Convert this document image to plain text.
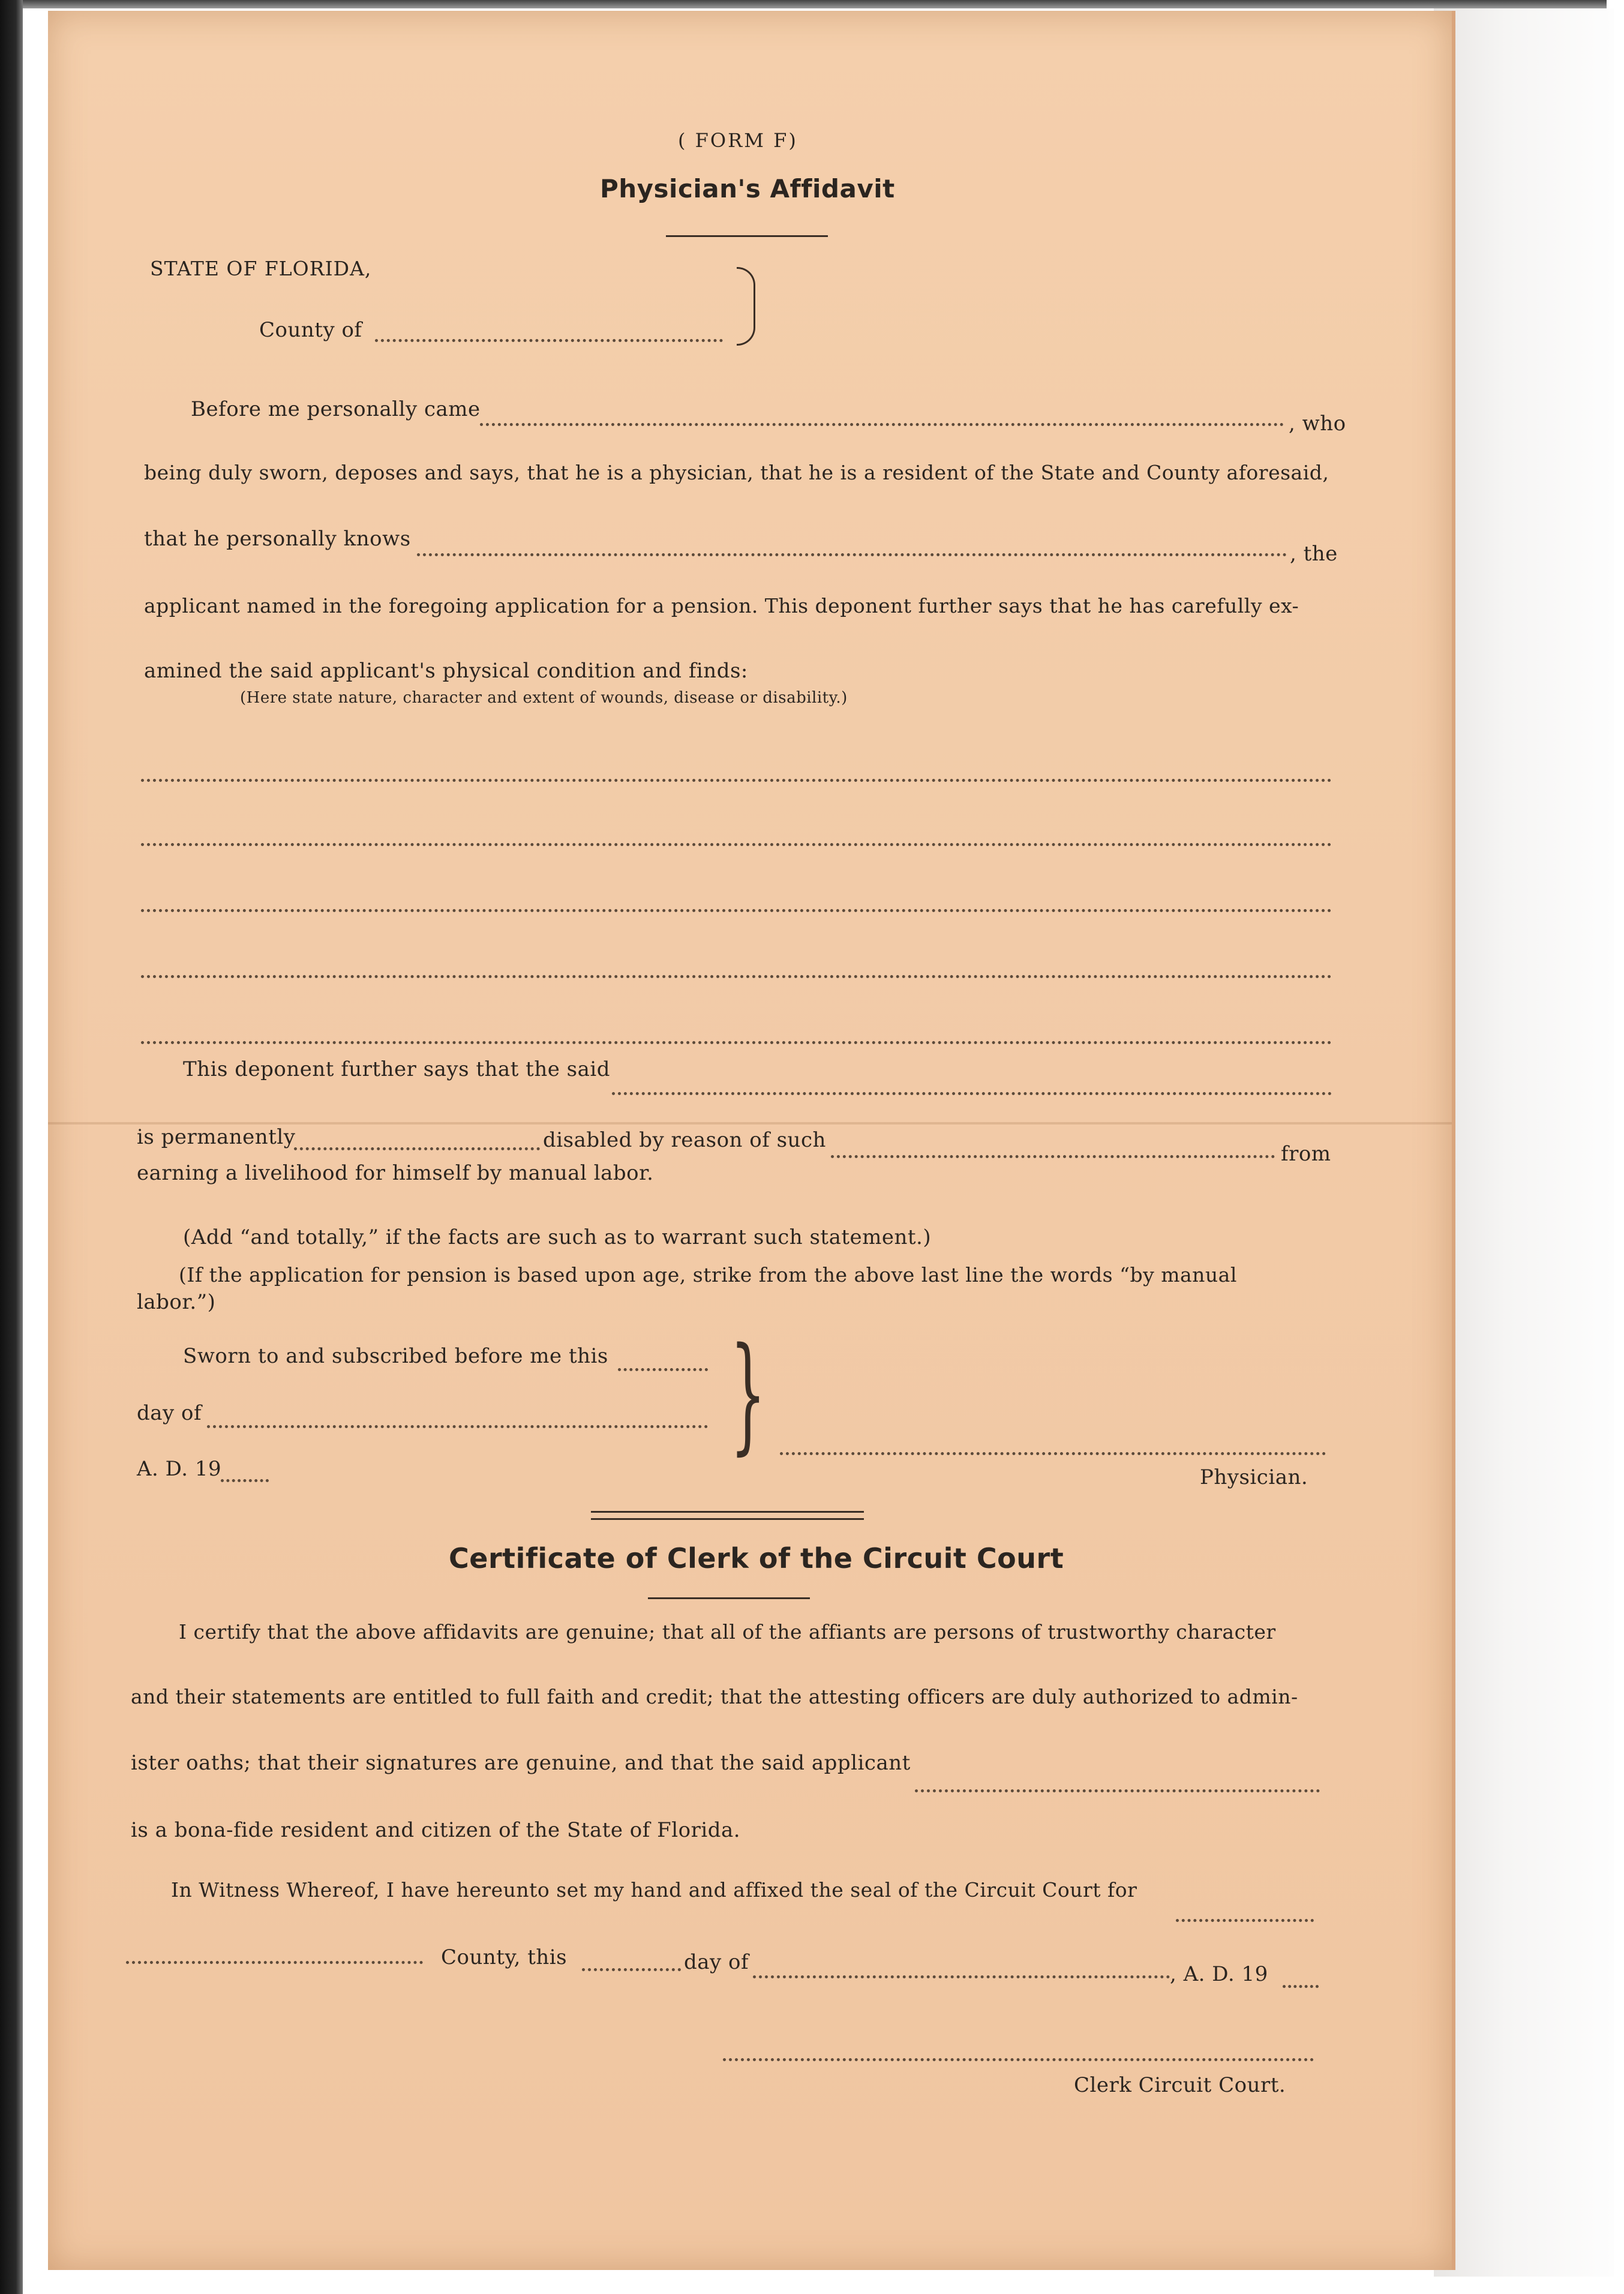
( FORM F)
Physician's Affidavit
STATE OF FLORIDA,
County of
Before me personally came
, who
being duly sworn, deposes and says, that he is a physician, that he is a resident of the State and County aforesaid,
that he personally knows
, the
applicant named in the foregoing application for a pension. This deponent further says that he has carefully ex-
amined the said applicant's physical condition and finds:
(Here state nature, character and extent of wounds, disease or disability.)
This deponent further says that the said
is permanently	disabled by reason of such
from
earning a livelihood for himself by manual labor.
(Add “and totally,” if the facts are such as to warrant such statement.)
(If the application for pension is based upon age, strike from the above last line the words “by manual
labor.”)
Sworn to and subscribed before me this
day of
A. D. 19
}
Physician.
Certificate of Clerk of the Circuit Court
I certify that the above affidavits are genuine; that all of the affiants are persons of trustworthy character
and their statements are entitled to full faith and credit; that the attesting officers are duly authorized to admin-
ister oaths; that their signatures are genuine, and that the said applicant
is a bona-fide resident and citizen of the State of Florida.
In Witness Whereof, I have hereunto set my hand and affixed the seal of the Circuit Court for
County, this	day of	, A. D. 19
Clerk Circuit Court.
